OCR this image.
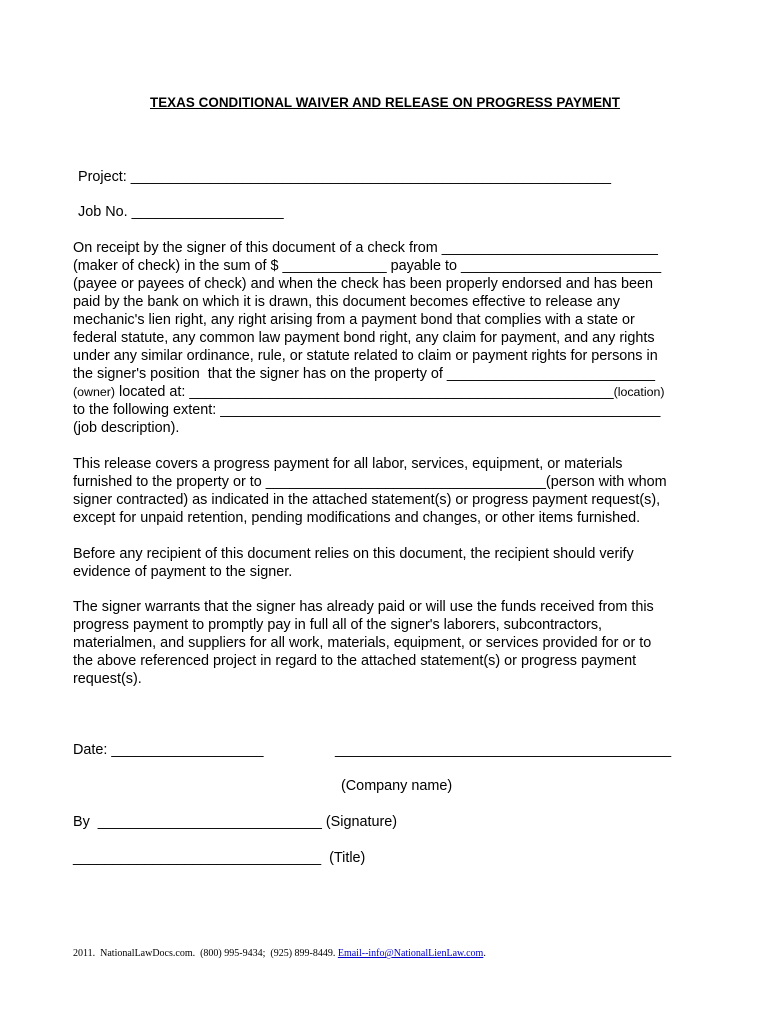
TEXAS CONDITIONAL WAIVER AND RELEASE ON PROGRESS PAYMENT
Project: ____________________________________________________________
Job No. ___________________
On receipt by the signer of this document of a check from ___________________________
(maker of check) in the sum of $ _____________ payable to _________________________
(payee or payees of check) and when the check has been properly endorsed and has been
paid by the bank on which it is drawn, this document becomes effective to release any
mechanic's lien right, any right arising from a payment bond that complies with a state or
federal statute, any common law payment bond right, any claim for payment, and any rights
under any similar ordinance, rule, or statute related to claim or payment rights for persons in
the signer's position  that the signer has on the property of __________________________
(owner) located at: _____________________________________________________(location)
to the following extent: _______________________________________________________
(job description).
This release covers a progress payment for all labor, services, equipment, or materials
furnished to the property or to ___________________________________(person with whom
signer contracted) as indicated in the attached statement(s) or progress payment request(s),
except for unpaid retention, pending modifications and changes, or other items furnished.
Before any recipient of this document relies on this document, the recipient should verify
evidence of payment to the signer.
The signer warrants that the signer has already paid or will use the funds received from this
progress payment to promptly pay in full all of the signer's laborers, subcontractors,
materialmen, and suppliers for all work, materials, equipment, or services provided for or to
the above referenced project in regard to the attached statement(s) or progress payment
request(s).
Date: ___________________	__________________________________________
(Company name)
By  ____________________________ (Signature)
_______________________________  (Title)
2011.  NationalLawDocs.com.  (800) 995-9434;  (925) 899-8449. Email--info@NationalLienLaw.com.
